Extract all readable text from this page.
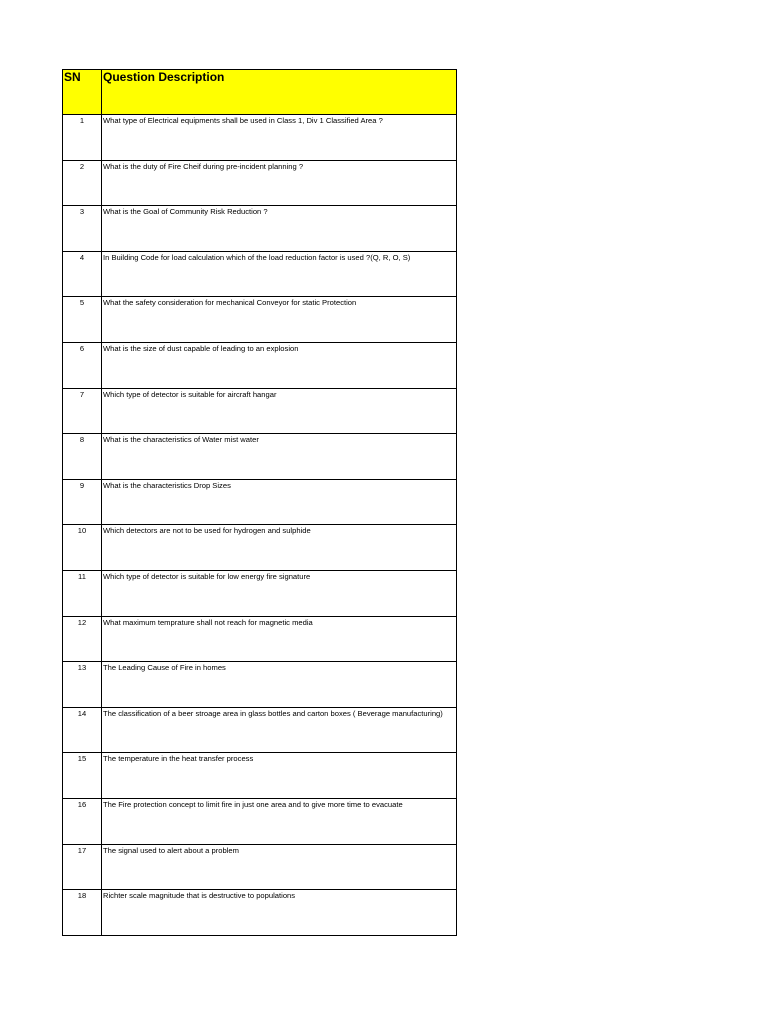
SN	Question Description
1	What type of Electrical equipments shall be used in Class 1, Div 1 Classified Area ?
2	What is the duty of Fire Cheif during pre-incident planning ?
3	What is the Goal of Community Risk Reduction ?
4	In Building Code for load calculation which of the load reduction factor is used ?(Q, R, O, S)
5	What the safety consideration for mechanical Conveyor for static Protection
6	What is the size of dust capable of leading to an explosion
7	Which type of detector is suitable for aircraft hangar
8	What is the characteristics of Water mist water
9	What is the characteristics Drop Sizes
10	Which detectors are not to be used for hydrogen and sulphide
11	Which type of detector is suitable for low energy fire signature
12	What maximum temprature shall not reach for magnetic media
13	The Leading Cause of Fire in homes
14	The classification of a beer stroage area in glass bottles and carton boxes ( Beverage manufacturing)
15	The temperature in the heat transfer process
16	The Fire protection concept to limit fire in just one area and to give more time to evacuate
17	The signal used to alert about a problem
18	Richter scale magnitude that is destructive to populations
